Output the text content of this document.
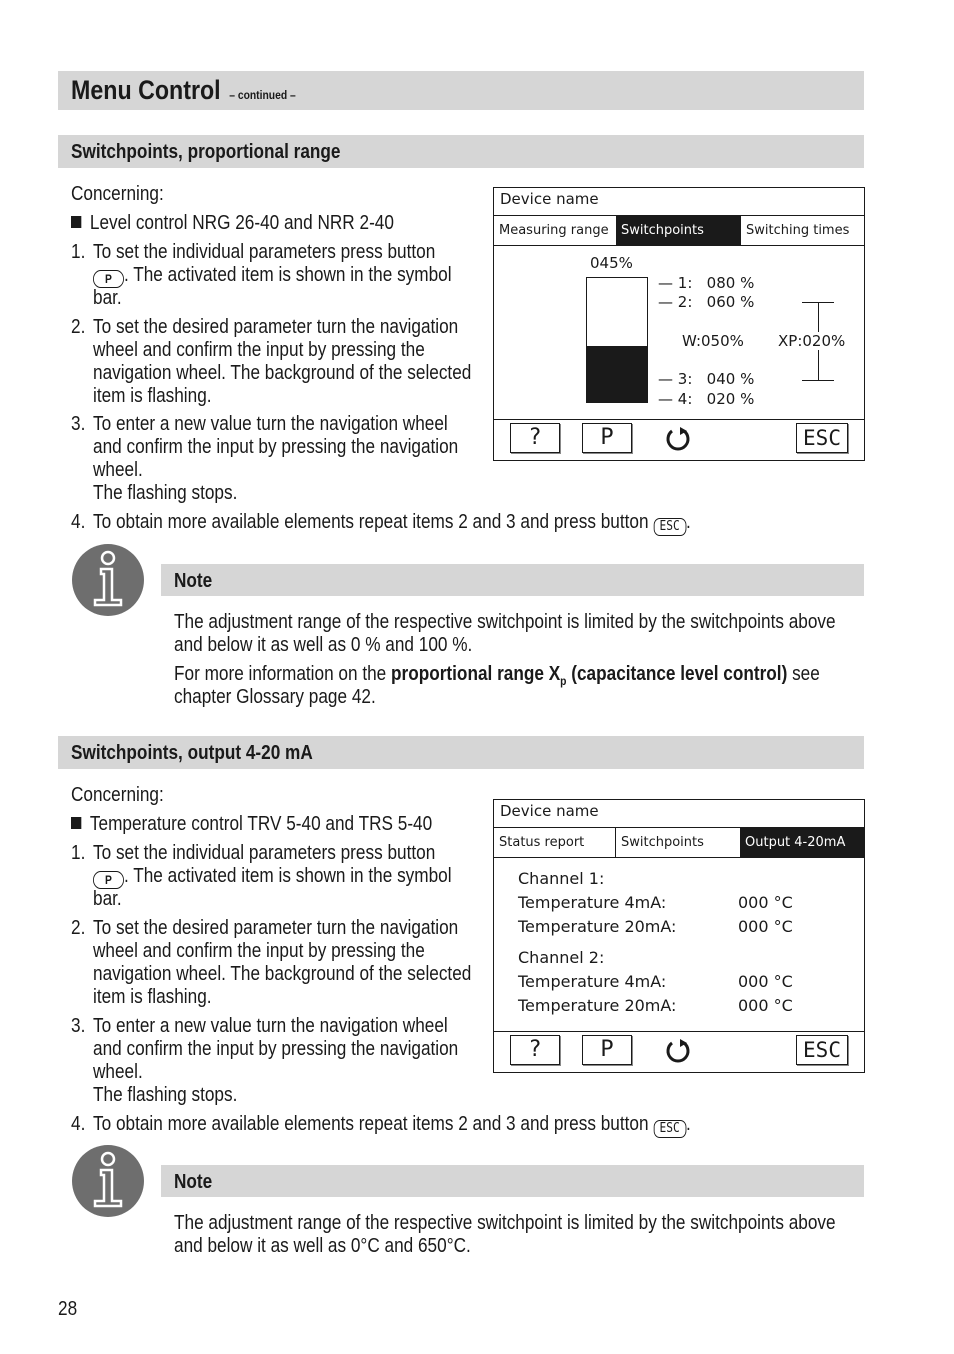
Menu Control – continued –
Switchpoints, proportional range
Concerning:
Level control NRG 26-40 and NRR 2-40
1. To set the individual parameters press button
P . The activated item is shown in the symbol
bar.
2. To set the desired parameter turn the navigation
wheel and confirm the input by pressing the
navigation wheel. The background of the selected
item is flashing.
3. To enter a new value turn the navigation wheel
and confirm the input by pressing the navigation
wheel.
The flashing stops.
4. To obtain more available elements repeat items 2 and 3 and press button ESC .
Device name
Measuring range Switchpoints	Switching times
045%
— 1:   080 %
— 2:   060 %
W:050% XP:020%
— 3:   040 %
— 4:   020 %
?	P	ESC
Note
The adjustment range of the respective switchpoint is limited by the switchpoints above
and below it as well as 0 % and 100 %.
For more information on the proportional range $X_p$ (capacitance level control) see
chapter Glossary page 42.
Switchpoints, output 4-20 mA
Concerning:
Temperature control TRV 5-40 and TRS 5-40
1. To set the individual parameters press button
P . The activated item is shown in the symbol
bar.
2. To set the desired parameter turn the navigation
wheel and confirm the input by pressing the
navigation wheel. The background of the selected
item is flashing.
3. To enter a new value turn the navigation wheel
and confirm the input by pressing the navigation
wheel.
The flashing stops.
4. To obtain more available elements repeat items 2 and 3 and press button ESC .
Device name
Status report	Switchpoints	Output 4-20mA
Channel 1:
Temperature 4mA:	000 °C
Temperature 20mA:	000 °C
Channel 2:
Temperature 4mA:	000 °C
Temperature 20mA:	000 °C
?	P	ESC
Note
The adjustment range of the respective switchpoint is limited by the switchpoints above
and below it as well as 0°C and 650°C.
28
